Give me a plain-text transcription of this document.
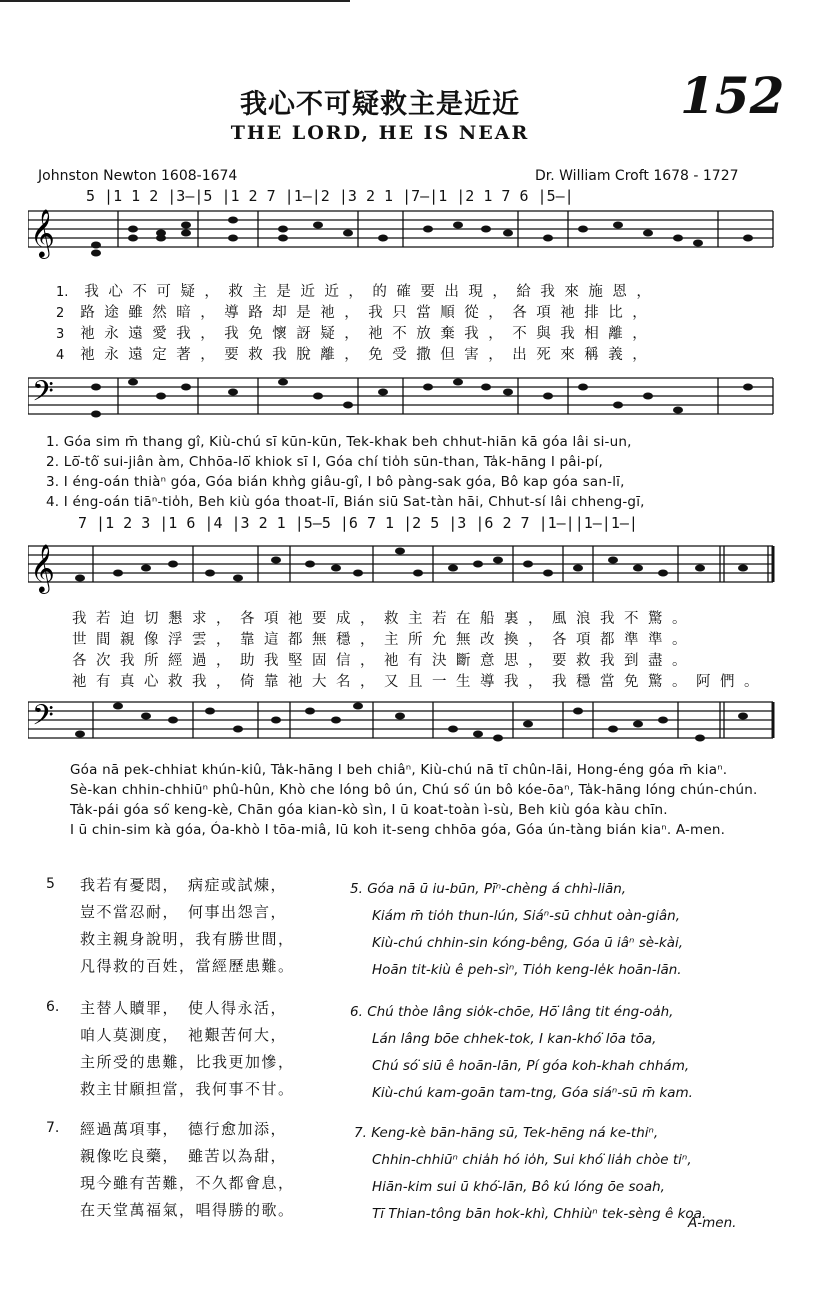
我心不可疑救主是近近
THE LORD, HE IS NEAR
152
Johnston Newton 1608-1674	Dr. William Croft 1678 - 1727
5 |1 1 2 |3—|5 |1 2 7 |1—|2 |3 2 1 |7—|1 |2 1 7 6 |5—|
𝄞
1. 我心不可疑，救主是近近，的確要出現，給我來施恩，
2 路途雖然暗，導路却是祂，我只當順從，各項祂排比，
3 祂永遠愛我，我免懷訝疑，祂不放棄我，不與我相離，
4 祂永遠定著，要救我脫離，免受撒但害，出死來稱義，
𝄢
1. Góa sim m̄ thang gî, Kiù-chú sī kūn-kūn, Tek-khak beh chhut-hiān kā góa lâi si-un,
2. Lō͘-tô͘ sui-jiân àm, Chhōa-lō͘ khiok sī I, Góa chí tio̍h sūn-than, Ta̍k-hāng I pâi-pí,
3. I éng-oán thiàⁿ góa, Góa bián khǹg giâu-gî, I bô pàng-sak góa, Bô kap góa san-lī,
4. I éng-oán tiāⁿ-tio̍h, Beh kiù góa thoat-lī, Bián siū Sat-tàn hāi, Chhut-sí lâi chheng-gī,
7 |1 2 3 |1 6 |4 |3 2 1 |5—5 |6 7 1 |2 5 |3 |6 2 7 |1—||1—|1—|
𝄞
我若迫切懇求，各項祂要成，救主若在船裏，風浪我不驚。
世間親像浮雲，靠這都無穩，主所允無改換，各項都準準。
各次我所經過，助我堅固信，祂有決斷意思，要救我到盡。
祂有真心救我，倚靠祂大名，又且一生導我，我穩當免驚。阿們。
𝄢
Góa nā pek-chhiat khún-kiû, Ta̍k-hāng I beh chiâⁿ, Kiù-chú nā tī chûn-lāi, Hong-éng góa m̄ kiaⁿ.
Sè-kan chhin-chhiūⁿ phû-hûn, Khò che lóng bô ún, Chú só͘ ún bô kóe-ōaⁿ, Ta̍k-hāng lóng chún-chún.
Ta̍k-pái góa só͘ keng-kè, Chān góa kian-kò sìn, I ū koat-toàn ì-sù, Beh kiù góa kàu chīn.
I ū chin-sim kà góa, Óa-khò I tōa-miâ, Iū koh it-seng chhōa góa, Góa ún-tàng bián kiaⁿ. A-men.
5 我若有憂悶，　病症或試煉，
豈不當忍耐，　何事出怨言，
救主親身說明，我有勝世間，
凡得救的百姓，當經歷患難。
5. Góa nā ū iu-būn, Pīⁿ-chèng á chhì-liān,
Kiám m̄ tio̍h thun-lún, Siáⁿ-sū chhut oàn-giân,
Kiù-chú chhin-sin kóng-bêng, Góa ū iâⁿ sè-kài,
Hoān tit-kiù ê peh-sìⁿ, Tio̍h keng-le̍k hoān-lān.
6. 主替人贖罪，　使人得永活，
咱人莫測度，　祂艱苦何大，
主所受的患難，比我更加慘，
救主甘願担當，我何事不甘。
6. Chú thòe lâng sio̍k-chōe, Hō͘ lâng tit éng-oa̍h,
Lán lâng bōe chhek-tok, I kan-khó͘ lōa tōa,
Chú só͘ siū ê hoān-lān, Pí góa koh-khah chhám,
Kiù-chú kam-goān tam-tng, Góa siáⁿ-sū m̄ kam.
7. 經過萬項事，　德行愈加添，
親像吃良藥，　雖苦以為甜，
現今雖有苦難，不久都會息，
在天堂萬福氣，唱得勝的歌。
7. Keng-kè bān-hāng sū, Tek-hēng ná ke-thiⁿ,
Chhin-chhiūⁿ chia̍h hó io̍h, Sui khó͘ lia̍h chòe tiⁿ,
Hiān-kim sui ū khó͘-lān, Bô kú lóng ōe soah,
Tī Thian-tông bān hok-khì, Chhiùⁿ tek-sèng ê koa.
A-men.
